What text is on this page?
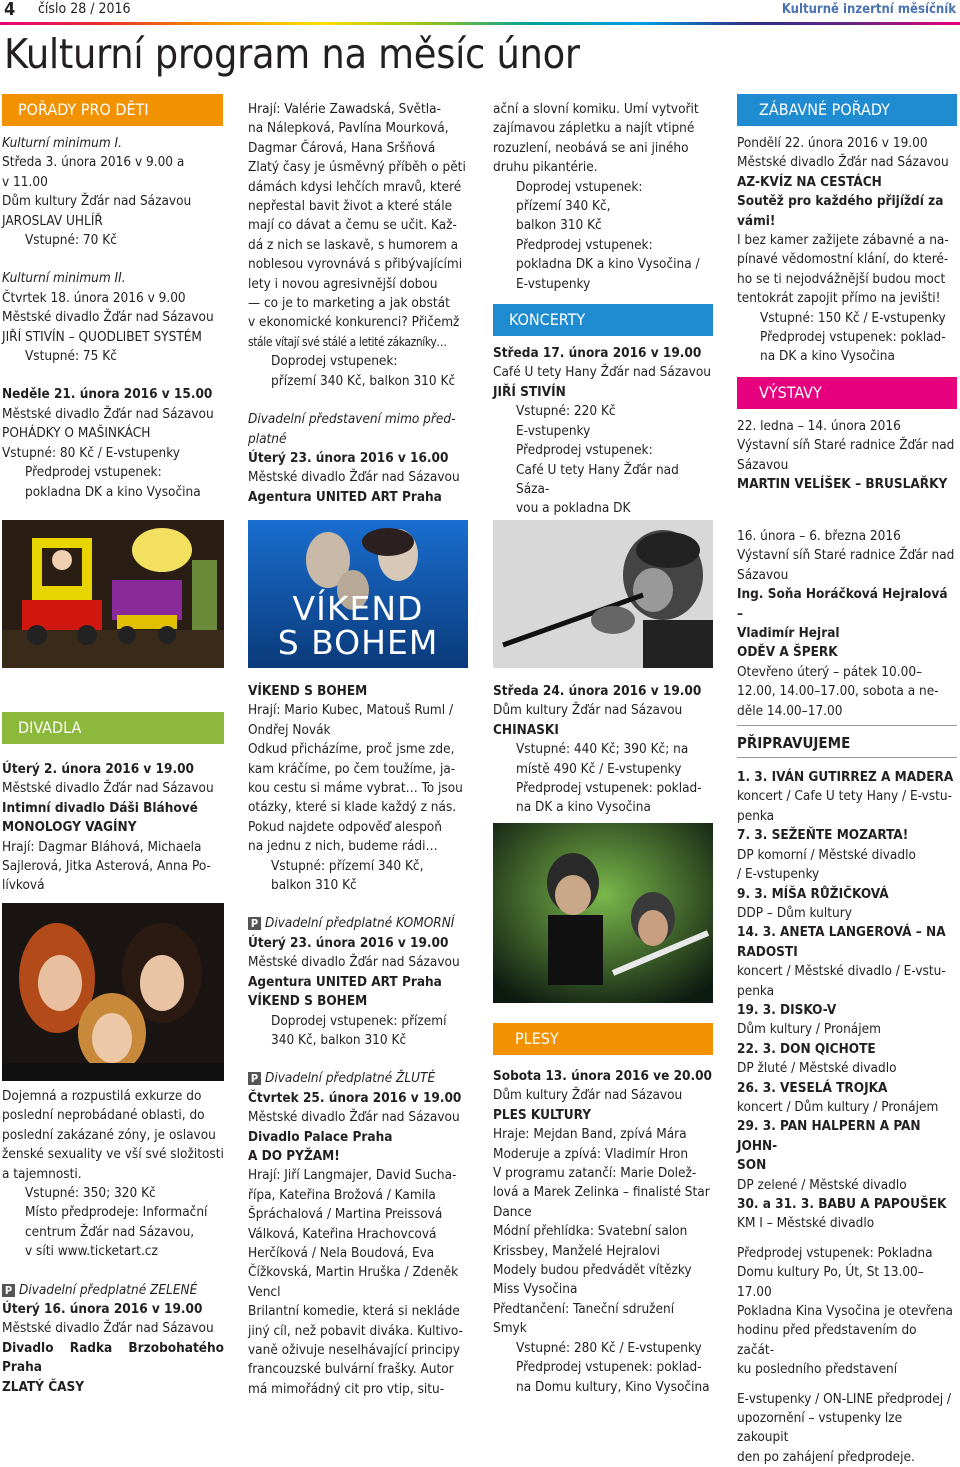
4 číslo 28 / 2016	Kulturně inzertní měsíčník
Kulturní program na měsíc únor
POŘADY PRO DĚTI

Kulturní minimum I.

Středa 3. února 2016 v 9.00 a

v 11.00

Dům kultury Žďár nad Sázavou

JAROSLAV UHLÍŘ

Vstupné: 70 Kč

Kulturní minimum II.

Čtvrtek 18. února 2016 v 9.00

Městské divadlo Žďár nad Sázavou

JIŘÍ STIVÍN – QUODLIBET SYSTÉM

Vstupné: 75 Kč

Neděle 21. února 2016 v 15.00

Městské divadlo Žďár nad Sázavou

POHÁDKY O MAŠINKÁCH

Vstupné: 80 Kč / E-vstupenky

Předprodej vstupenek:

pokladna DK a kino Vysočina

Hrají: Valérie Zawadská, Světla-

na Nálepková, Pavlína Mourková,

Dagmar Čárová, Hana Sršňová

Zlatý časy je úsměvný příběh o pěti

dámách kdysi lehčích mravů, které

nepřestal bavit život a které stále

mají co dávat a čemu se učit. Kaž-

dá z nich se laskavě, s humorem a

noblesou vyrovnává s přibývajícími

lety i novou agresivnější dobou

— co je to marketing a jak obstát

v ekonomické konkurenci? Přičemž

stále vítají své stálé a letité zákazníky…

Doprodej vstupenek:

přízemí 340 Kč, balkon 310 Kč

Divadelní představení mimo před-

platné

Úterý 23. února 2016 v 16.00

Městské divadlo Žďár nad Sázavou

Agentura UNITED ART Praha

ační a slovní komiku. Umí vytvořit

zajímavou zápletku a najít vtipné

rozuzlení, neobává se ani jiného

druhu pikantérie.

Doprodej vstupenek:

přízemí 340 Kč,

balkon 310 Kč

Předprodej vstupenek:

pokladna DK a kino Vysočina /

E-vstupenky

KONCERTY

Středa 17. února 2016 v 19.00

Café U tety Hany Žďár nad Sázavou

JIŘÍ STIVÍN

Vstupné: 220 Kč

E-vstupenky

Předprodej vstupenek:

Café U tety Hany Žďár nad Sáza-

vou a pokladna DK

ZÁBAVNÉ POŘADY

Pondělí 22. února 2016 v 19.00

Městské divadlo Žďár nad Sázavou

AZ-KVÍZ NA CESTÁCH

Soutěž pro každého přijíždí za

vámi!

I bez kamer zažijete zábavné a na-

pínavé vědomostní klání, do které-

ho se ti nejodvážnější budou moct

tentokrát zapojit přímo na jevišti!

Vstupné: 150 Kč / E-vstupenky

Předprodej vstupenek: poklad-

na DK a kino Vysočina

VÝSTAVY

22. ledna – 14. února 2016

Výstavní síň Staré radnice Žďár nad

Sázavou

MARTIN VELÍŠEK – BRUSLAŘKY

VÍKEND
S BOHEM

16. února – 6. března 2016

Výstavní síň Staré radnice Žďár nad

Sázavou

Ing. Soňa Horáčková Hejralová –

Vladimír Hejral

ODĚV A ŠPERK

Otevřeno úterý – pátek 10.00–

12.00, 14.00–17.00, sobota a ne-

děle 14.00–17.00

PŘIPRAVUJEME

1. 3. IVÁN GUTIRREZ A MADERA

koncert / Cafe U tety Hany / E-vstu-

penka

7. 3. SEŽEŇTE MOZARTA!

DP komorní / Městské divadlo

/ E-vstupenky

9. 3. MÍŠA RŮŽIČKOVÁ

DDP – Dům kultury

14. 3. ANETA LANGEROVÁ – NA

RADOSTI

koncert / Městské divadlo / E-vstu-

penka

19. 3. DISKO-V

Dům kultury / Pronájem

22. 3. DON QICHOTE

DP žluté / Městské divadlo

26. 3. VESELÁ TROJKA

koncert / Dům kultury / Pronájem

29. 3. PAN HALPERN A PAN JOHN-

SON

DP zelené / Městské divadlo

30. a 31. 3. BABU A PAPOUŠEK

KM I – Městské divadlo

Předprodej vstupenek: Pokladna

Domu kultury Po, Út, St 13.00– 17.00

Pokladna Kina Vysočina je otevřena

hodinu před představením do začát-

ku posledního představení

E-vstupenky / ON-LINE předprodej /

upozornění – vstupenky lze zakoupit

den po zahájení předprodeje.

DIVADLA

Úterý 2. února 2016 v 19.00

Městské divadlo Žďár nad Sázavou

Intimní divadlo Dáši Bláhové

MONOLOGY VAGÍNY

Hrají: Dagmar Bláhová, Michaela

Sajlerová, Jitka Asterová, Anna Po-

lívková

Dojemná a rozpustilá exkurze do

poslední neprobádané oblasti, do

poslední zakázané zóny, je oslavou

ženské sexuality ve vší své složitosti

a tajemnosti.

Vstupné: 350; 320 Kč

Místo předprodeje: Informační

centrum Žďár nad Sázavou,

v síti www.ticketart.cz

P Divadelní předplatné ZELENÉ

Úterý 16. února 2016 v 19.00

Městské divadlo Žďár nad Sázavou

Divadlo Radka Brzobohatého

Praha

ZLATÝ ČASY

VÍKEND S BOHEM

Hrají: Mario Kubec, Matouš Ruml /

Ondřej Novák

Odkud přicházíme, proč jsme zde,

kam kráčíme, po čem toužíme, ja-

kou cestu si máme vybrat… To jsou

otázky, které si klade každý z nás.

Pokud najdete odpověď alespoň

na jednu z nich, budeme rádi…

Vstupné: přízemí 340 Kč,

balkon 310 Kč

P Divadelní předplatné KOMORNÍ

Úterý 23. února 2016 v 19.00

Městské divadlo Žďár nad Sázavou

Agentura UNITED ART Praha

VÍKEND S BOHEM

Doprodej vstupenek: přízemí

340 Kč, balkon 310 Kč

P Divadelní předplatné ŽLUTÉ

Čtvrtek 25. února 2016 v 19.00

Městské divadlo Žďár nad Sázavou

Divadlo Palace Praha

A DO PYŽAM!

Hrají: Jiří Langmajer, David Sucha-

řípa, Kateřina Brožová / Kamila

Špráchalová / Martina Preissová

Válková, Kateřina Hrachovcová

Herčíková / Nela Boudová, Eva

Čížkovská, Martin Hruška / Zdeněk

Vencl

Brilantní komedie, která si nekláde

jiný cíl, než pobavit diváka. Kultivo-

vaně oživuje neselhávající principy

francouzské bulvární frašky. Autor

má mimořádný cit pro vtip, situ-

Středa 24. února 2016 v 19.00

Dům kultury Žďár nad Sázavou

CHINASKI

Vstupné: 440 Kč; 390 Kč; na

místě 490 Kč / E-vstupenky

Předprodej vstupenek: poklad-

na DK a kino Vysočina

PLESY

Sobota 13. února 2016 ve 20.00

Dům kultury Žďár nad Sázavou

PLES KULTURY

Hraje: Mejdan Band, zpívá Mára

Moderuje a zpívá: Vladimír Hron

V programu zatančí: Marie Dolež-

lová a Marek Zelinka – finalisté Star

Dance

Módní přehlídka: Svatební salon

Krissbey, Manželé Hejralovi

Modely budou předvádět vítězky

Miss Vysočina

Předtančení: Taneční sdružení

Smyk

Vstupné: 280 Kč / E-vstupenky

Předprodej vstupenek: poklad-

na Domu kultury, Kino Vysočina
